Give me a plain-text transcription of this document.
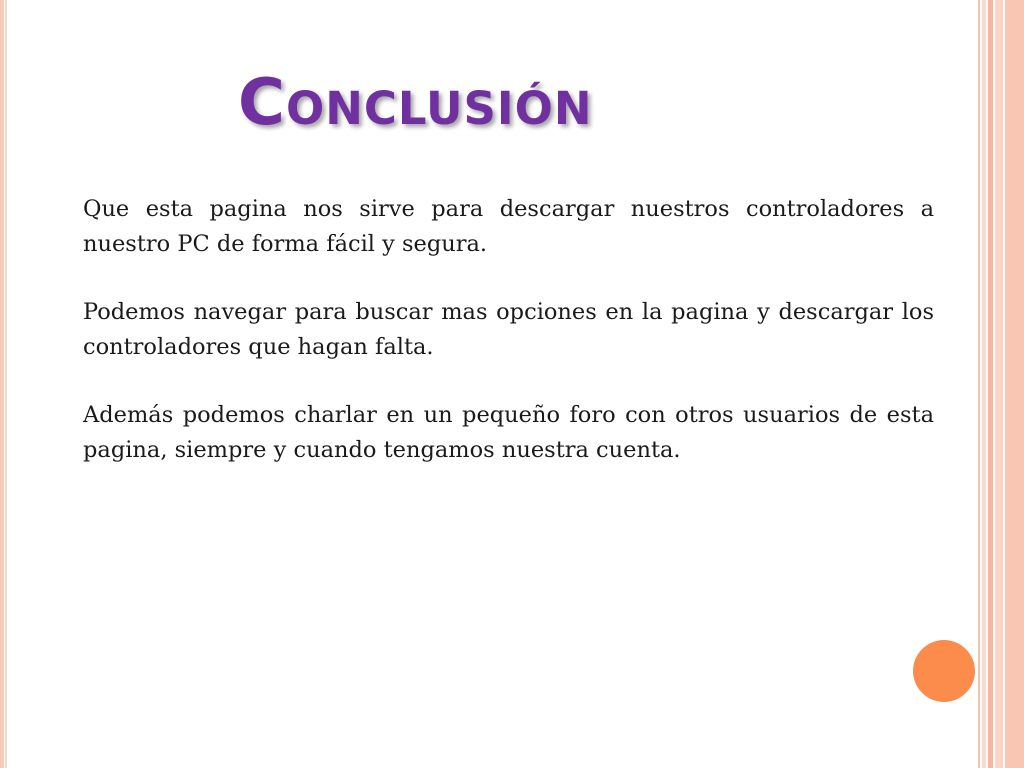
Conclusión

Que esta pagina nos sirve para descargar nuestros controladores a nuestro PC de forma fácil y segura.

Podemos navegar para buscar mas opciones en la pagina y descargar los controladores que hagan falta.

Además podemos charlar en un pequeño foro con otros usuarios de esta pagina, siempre y cuando tengamos nuestra cuenta.
